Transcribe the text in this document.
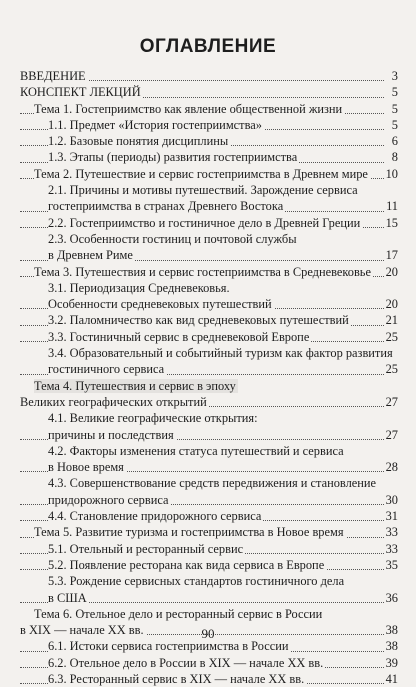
ОГЛАВЛЕНИЕ
ВВЕДЕНИЕ	3
КОНСПЕКТ ЛЕКЦИЙ	5
Тема 1. Гостеприимство как явление общественной жизни	5
1.1. Предмет «История гостеприимства»	5
1.2. Базовые понятия дисциплины	6
1.3. Этапы (периоды) развития гостеприимства	8
Тема 2. Путешествие и сервис гостеприимства в Древнем мире 10
2.1. Причины и мотивы путешествий. Зарождение сервиса
гостеприимства в странах Древнего Востока	11
2.2. Гостеприимство и гостиничное дело в Древней Греции 15
2.3. Особенности гостиниц и почтовой службы
в Древнем Риме	17
Тема 3. Путешествия и сервис гостеприимства в Средневековье 20
3.1. Периодизация Средневековья.
Особенности средневековых путешествий	20
3.2. Паломничество как вид средневековых путешествий	21
3.3. Гостиничный сервис в средневековой Европе	25
3.4. Образовательный и событийный туризм как фактор развития
гостиничного сервиса	25
Тема 4. Путешествия и сервис в эпоху
Великих географических открытий	27
4.1. Великие географические открытия:
причины и последствия	27
4.2. Факторы изменения статуса путешествий и сервиса
в Новое время	28
4.3. Совершенствование средств передвижения и становление
придорожного сервиса	30
4.4. Становление придорожного сервиса	31
Тема 5. Развитие туризма и гостеприимства в Новое время	33
5.1. Отельный и ресторанный сервис	33
5.2. Появление ресторана как вида сервиса в Европе	35
5.3. Рождение сервисных стандартов гостиничного дела
в США	36
Тема 6. Отельное дело и ресторанный сервис в России
в XIX — начале XX вв.	38
6.1. Истоки сервиса гостеприимства в России	38
6.2. Отельное дело в России в XIX — начале XX вв.	39
6.3. Ресторанный сервис в XIX — начале XX вв.	41
90
